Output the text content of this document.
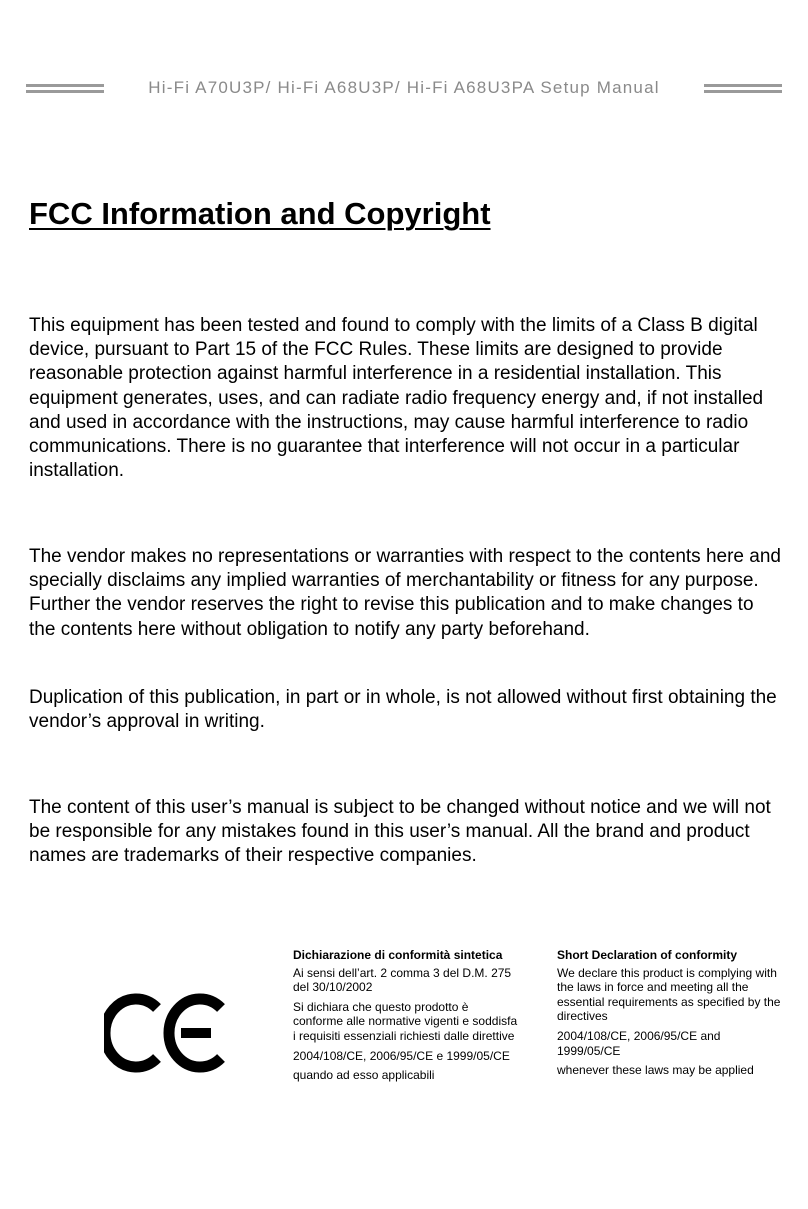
Hi-Fi A70U3P/ Hi-Fi A68U3P/ Hi-Fi A68U3PA Setup Manual
FCC Information and Copyright

This equipment has been tested and found to comply with the limits of a Class B digital device, pursuant to Part 15 of the FCC Rules. These limits are designed to provide reasonable protection against harmful interference in a residential installation. This equipment generates, uses, and can radiate radio frequency energy and, if not installed and used in accordance with the instructions, may cause harmful interference to radio communications. There is no guarantee that interference will not occur in a particular installation.

The vendor makes no representations or warranties with respect to the contents here and specially disclaims any implied warranties of merchantability or fitness for any purpose. Further the vendor reserves the right to revise this publication and to make changes to the contents here without obligation to notify any party beforehand.

Duplication of this publication, in part or in whole, is not allowed without first obtaining the vendor’s approval in writing.

The content of this user’s manual is subject to be changed without notice and we will not be responsible for any mistakes found in this user’s manual. All the brand and product names are trademarks of their respective companies.

Dichiarazione di conformità sintetica

Ai sensi dell’art. 2 comma 3 del D.M. 275 del 30/10/2002

Si dichiara che questo prodotto è conforme alle normative vigenti e soddisfa i requisiti essenziali richiesti dalle direttive

2004/108/CE, 2006/95/CE e 1999/05/CE

quando ad esso applicabili

Short Declaration of conformity

We declare this product is complying with the laws in force and meeting all the essential requirements as specified by the directives

2004/108/CE, 2006/95/CE and 1999/05/CE

whenever these laws may be applied
